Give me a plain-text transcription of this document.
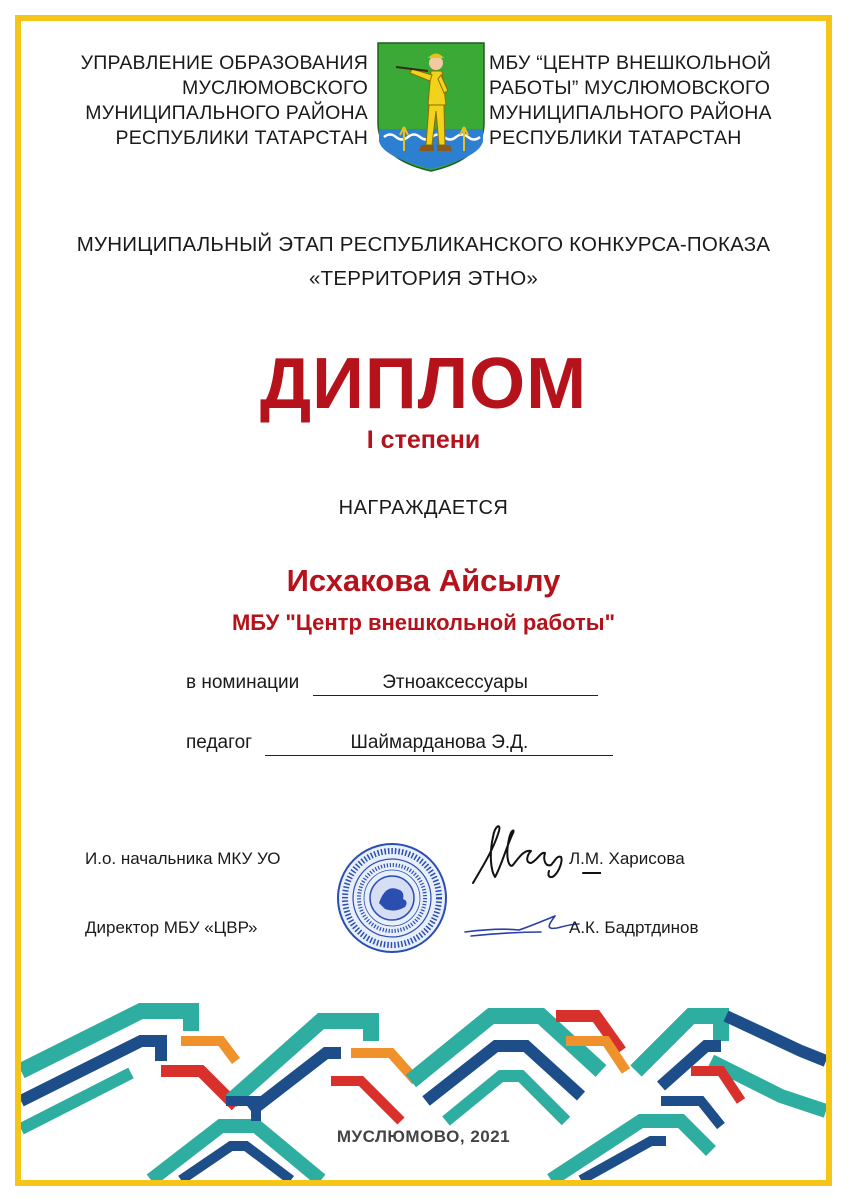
УПРАВЛЕНИЕ ОБРАЗОВАНИЯ
МУСЛЮМОВСКОГО
МУНИЦИПАЛЬНОГО РАЙОНА
РЕСПУБЛИКИ ТАТАРСТАН
МБУ “ЦЕНТР ВНЕШКОЛЬНОЙ
РАБОТЫ” МУСЛЮМОВСКОГО
МУНИЦИПАЛЬНОГО РАЙОНА
РЕСПУБЛИКИ ТАТАРСТАН
МУНИЦИПАЛЬНЫЙ ЭТАП РЕСПУБЛИКАНСКОГО КОНКУРСА-ПОКАЗА
«ТЕРРИТОРИЯ ЭТНО»
ДИПЛОМ
I степени
НАГРАЖДАЕТСЯ
Исхакова Айсылу
МБУ "Центр внешкольной работы"
в номинации	Этноаксессуары
педагог	Шаймарданова Э.Д.
И.о. начальника МКУ УО
Директор МБУ «ЦВР»
Л.М. Харисова
А.К. Бадртдинов
МУСЛЮМОВО, 2021
